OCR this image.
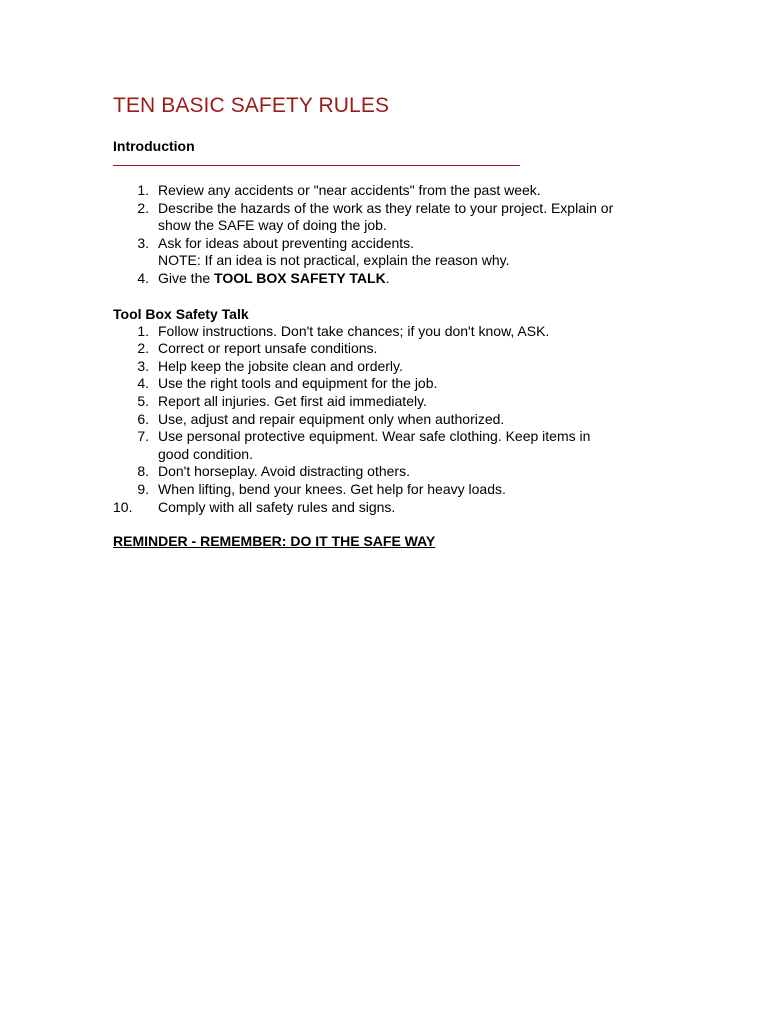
TEN BASIC SAFETY RULES
Introduction
1. Review any accidents or "near accidents" from the past week.
2. Describe the hazards of the work as they relate to your project. Explain or
show the SAFE way of doing the job.
3. Ask for ideas about preventing accidents.
NOTE: If an idea is not practical, explain the reason why.
4. Give the TOOL BOX SAFETY TALK.
Tool Box Safety Talk
1. Follow instructions. Don't take chances; if you don't know, ASK.
2. Correct or report unsafe conditions.
3. Help keep the jobsite clean and orderly.
4. Use the right tools and equipment for the job.
5. Report all injuries. Get first aid immediately.
6. Use, adjust and repair equipment only when authorized.
7. Use personal protective equipment. Wear safe clothing. Keep items in
good condition.
8. Don't horseplay. Avoid distracting others.
9. When lifting, bend your knees. Get help for heavy loads.
10.	Comply with all safety rules and signs.
REMINDER - REMEMBER: DO IT THE SAFE WAY
